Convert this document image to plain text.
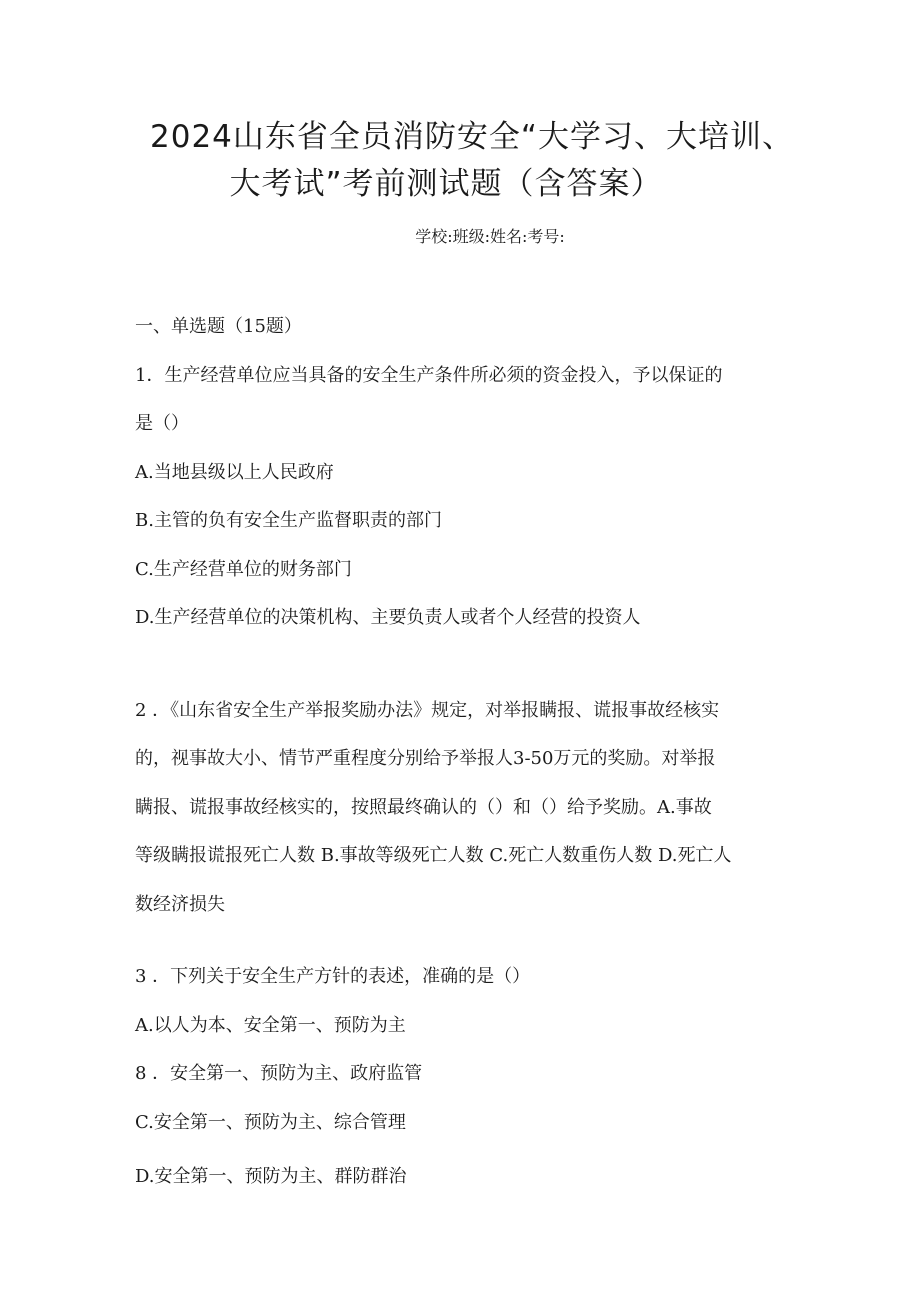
2024山东省全员消防安全“大学习、大培训、
大考试”考前测试题（含答案）
学校:班级:姓名:考号:
一、单选题（15题）
1．生产经营单位应当具备的安全生产条件所必须的资金投入，予以保证的
是（）
A.当地县级以上人民政府
B.主管的负有安全生产监督职责的部门
C.生产经营单位的财务部门
D.生产经营单位的决策机构、主要负责人或者个人经营的投资人
2 ．《山东省安全生产举报奖励办法》规定，对举报瞒报、谎报事故经核实
的，视事故大小、情节严重程度分别给予举报人3-50万元的奖励。对举报
瞒报、谎报事故经核实的，按照最终确认的（）和（）给予奖励。A.事故
等级瞒报谎报死亡人数 B.事故等级死亡人数 C.死亡人数重伤人数 D.死亡人
数经济损失
3 ．下列关于安全生产方针的表述，准确的是（）
A.以人为本、安全第一、预防为主
8 ．安全第一、预防为主、政府监管
C.安全第一、预防为主、综合管理
D.安全第一、预防为主、群防群治
